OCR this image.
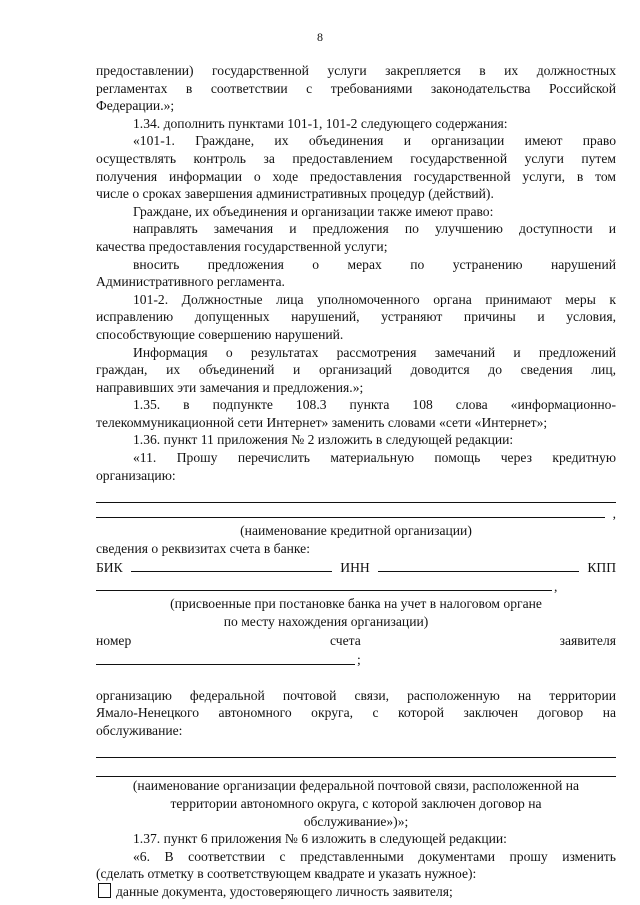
8

предоставлении) государственной услуги закрепляется в их должностных

регламентах в соответствии с требованиями законодательства Российской

Федерации.»;

1.34. дополнить пунктами 101-1, 101-2 следующего содержания:

«101-1. Граждане, их объединения и организации имеют право

осуществлять контроль за предоставлением государственной услуги путем

получения информации о ходе предоставления государственной услуги, в том

числе о сроках завершения административных процедур (действий).

Граждане, их объединения и организации также имеют право:

направлять замечания и предложения по улучшению доступности и

качества предоставления государственной услуги;

вносить предложения о мерах по устранению нарушений

Административного регламента.

101-2. Должностные лица уполномоченного органа принимают меры к

исправлению допущенных нарушений, устраняют причины и условия,

способствующие совершению нарушений.

Информация о результатах рассмотрения замечаний и предложений

граждан, их объединений и организаций доводится до сведения лиц,

направивших эти замечания и предложения.»;

1.35. в подпункте 108.3 пункта 108 слова «информационно-

телекоммуникационной сети Интернет» заменить словами «сети «Интернет»;

1.36. пункт 11 приложения № 2 изложить в следующей редакции:

«11. Прошу перечислить материальную помощь через кредитную

организацию:

,

(наименование кредитной организации)

сведения о реквизитах счета в банке:

БИК	ИНН	КПП
,

(присвоенные при постановке банка на учет в налоговом органе

по месту нахождения организации)

номер	счета	заявителя
;

организацию федеральной почтовой связи, расположенную на территории

Ямало-Ненецкого автономного округа, с которой заключен договор на

обслуживание:

(наименование организации федеральной почтовой связи, расположенной на

территории автономного округа, с которой заключен договор на

обслуживание»)»;

1.37. пункт 6 приложения № 6 изложить в следующей редакции:

«6. В соответствии с представленными документами прошу изменить

(сделать отметку в соответствующем квадрате и указать нужное):

данные документа, удостоверяющего личность заявителя;
